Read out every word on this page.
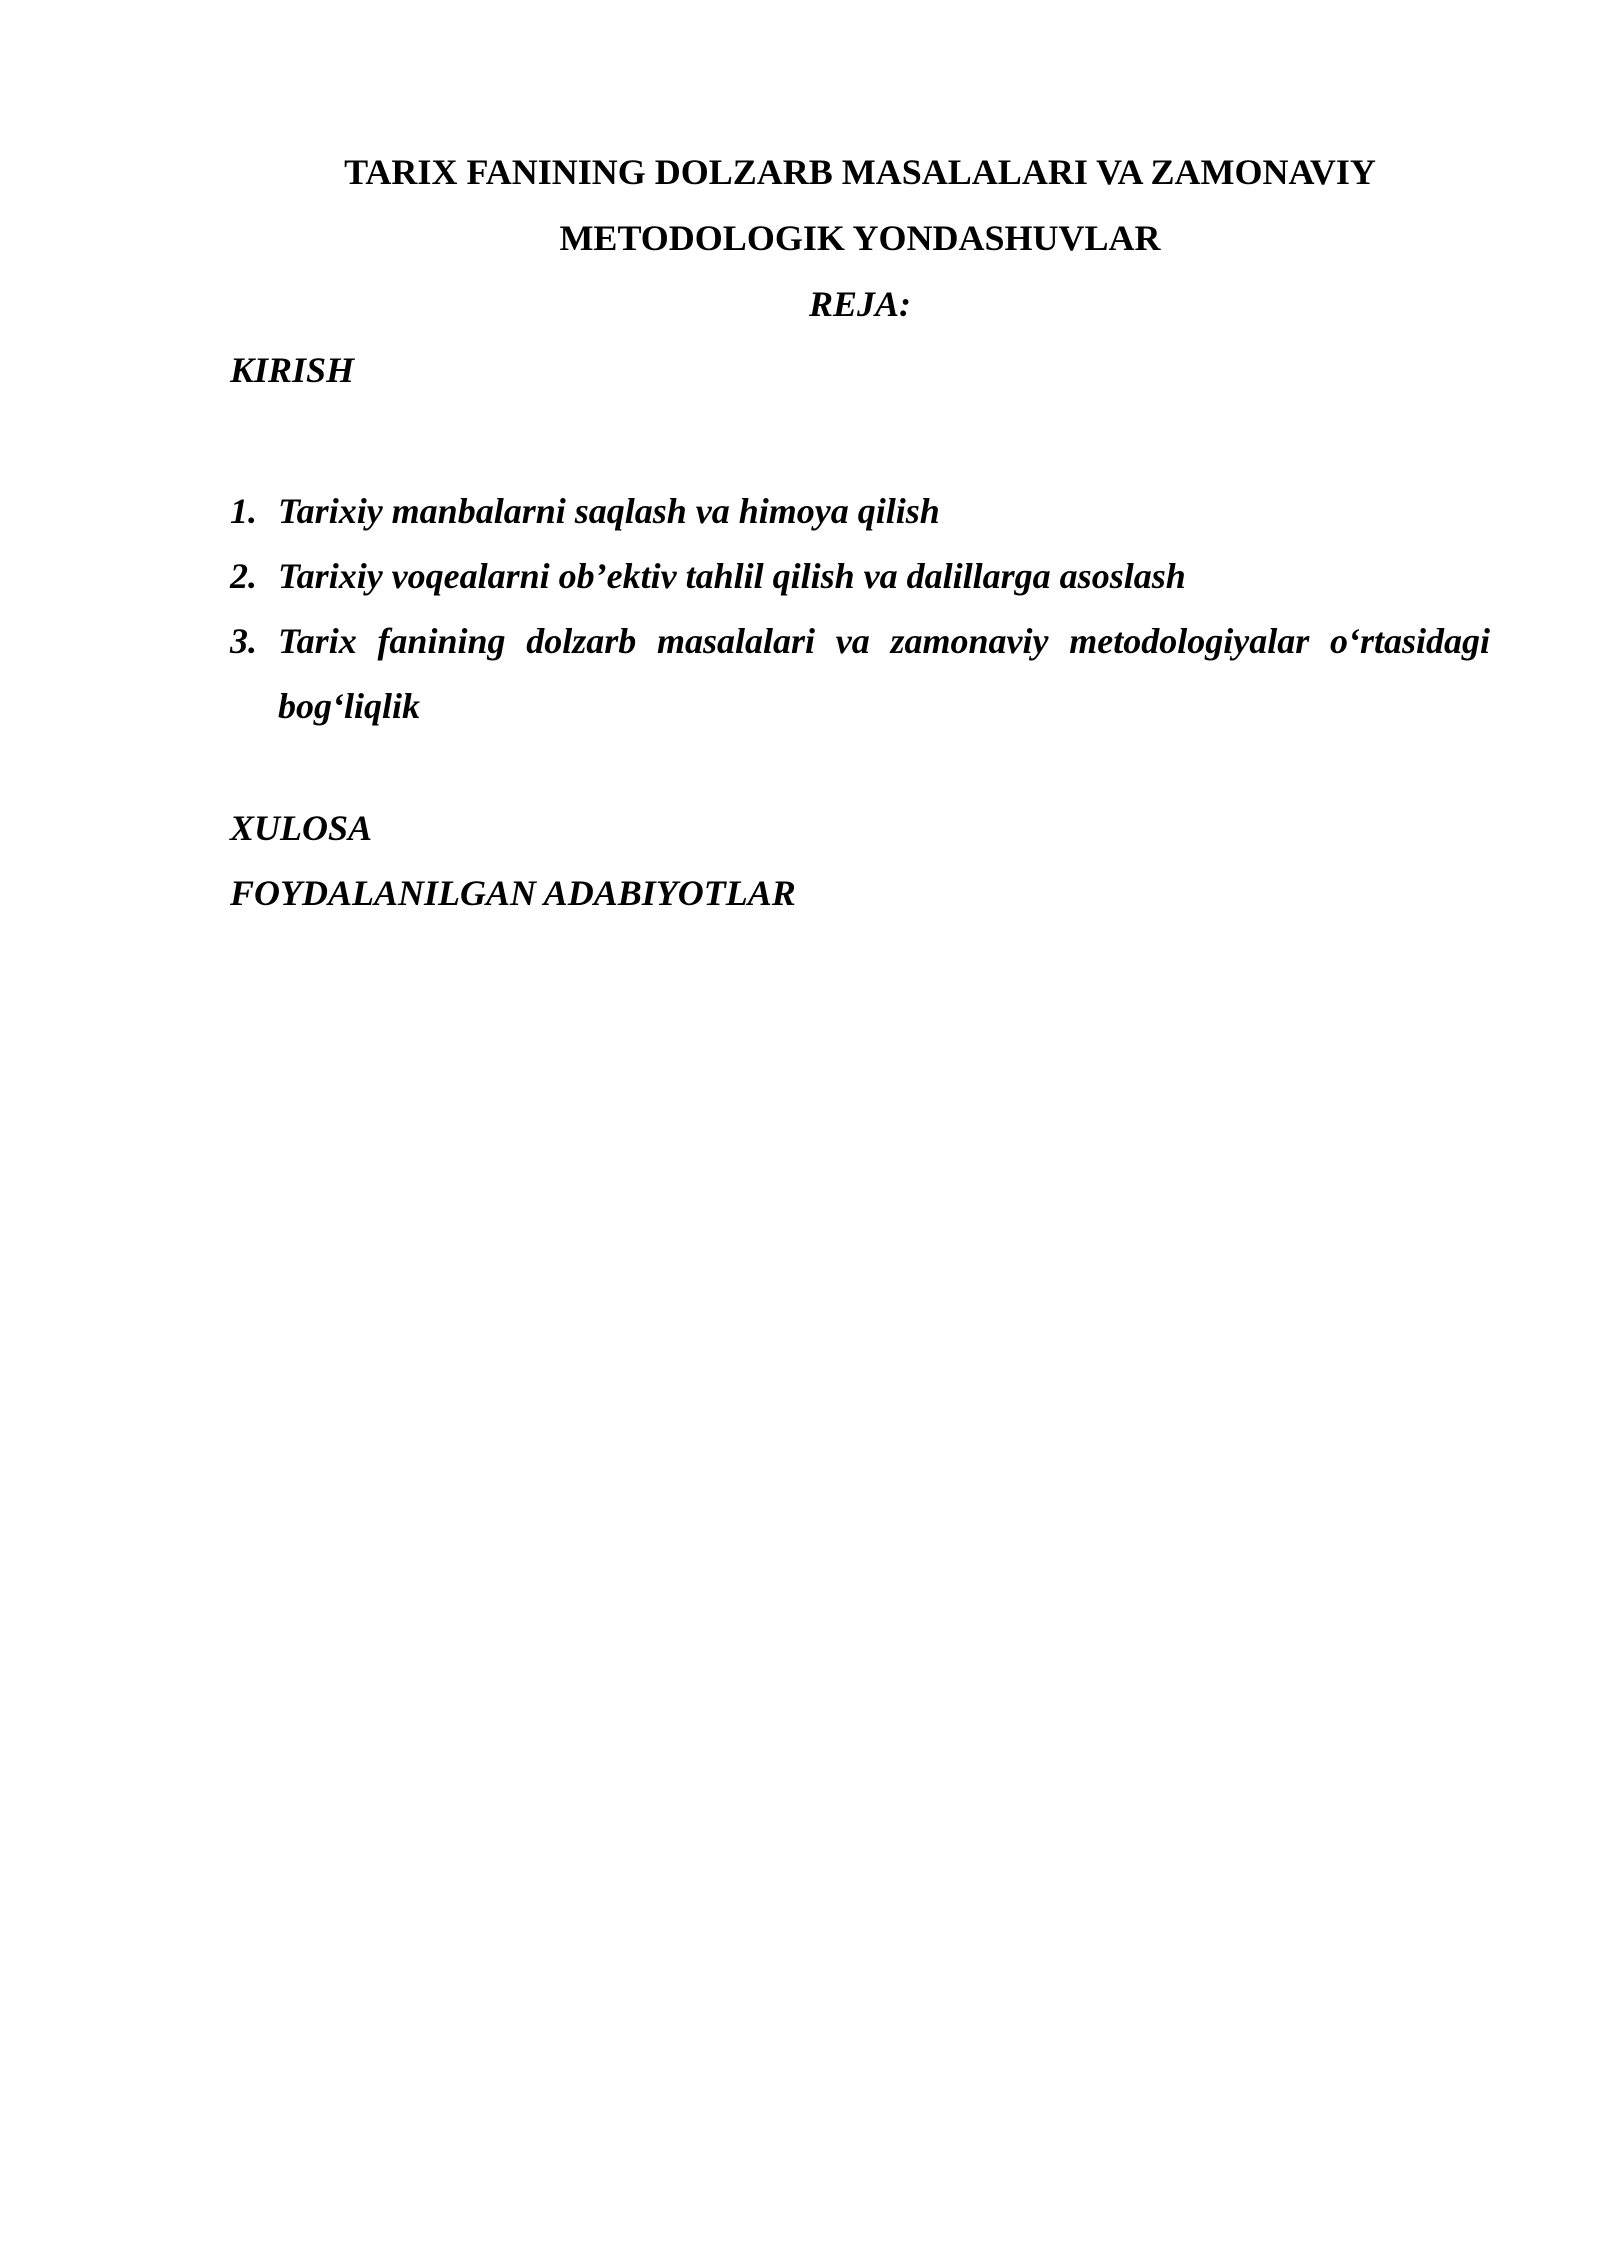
TARIX FANINING DOLZARB MASALALARI VA ZAMONAVIY
METODOLOGIK YONDASHUVLAR
REJA:
KIRISH
1. Tarixiy manbalarni saqlash va himoya qilish
2. Tarixiy voqealarni ob’ektiv tahlil qilish va dalillarga asoslash
3. Tarix fanining dolzarb masalalari va zamonaviy metodologiyalar o‘rtasidagi bog‘liqlik
XULOSA
FOYDALANILGAN ADABIYOTLAR
